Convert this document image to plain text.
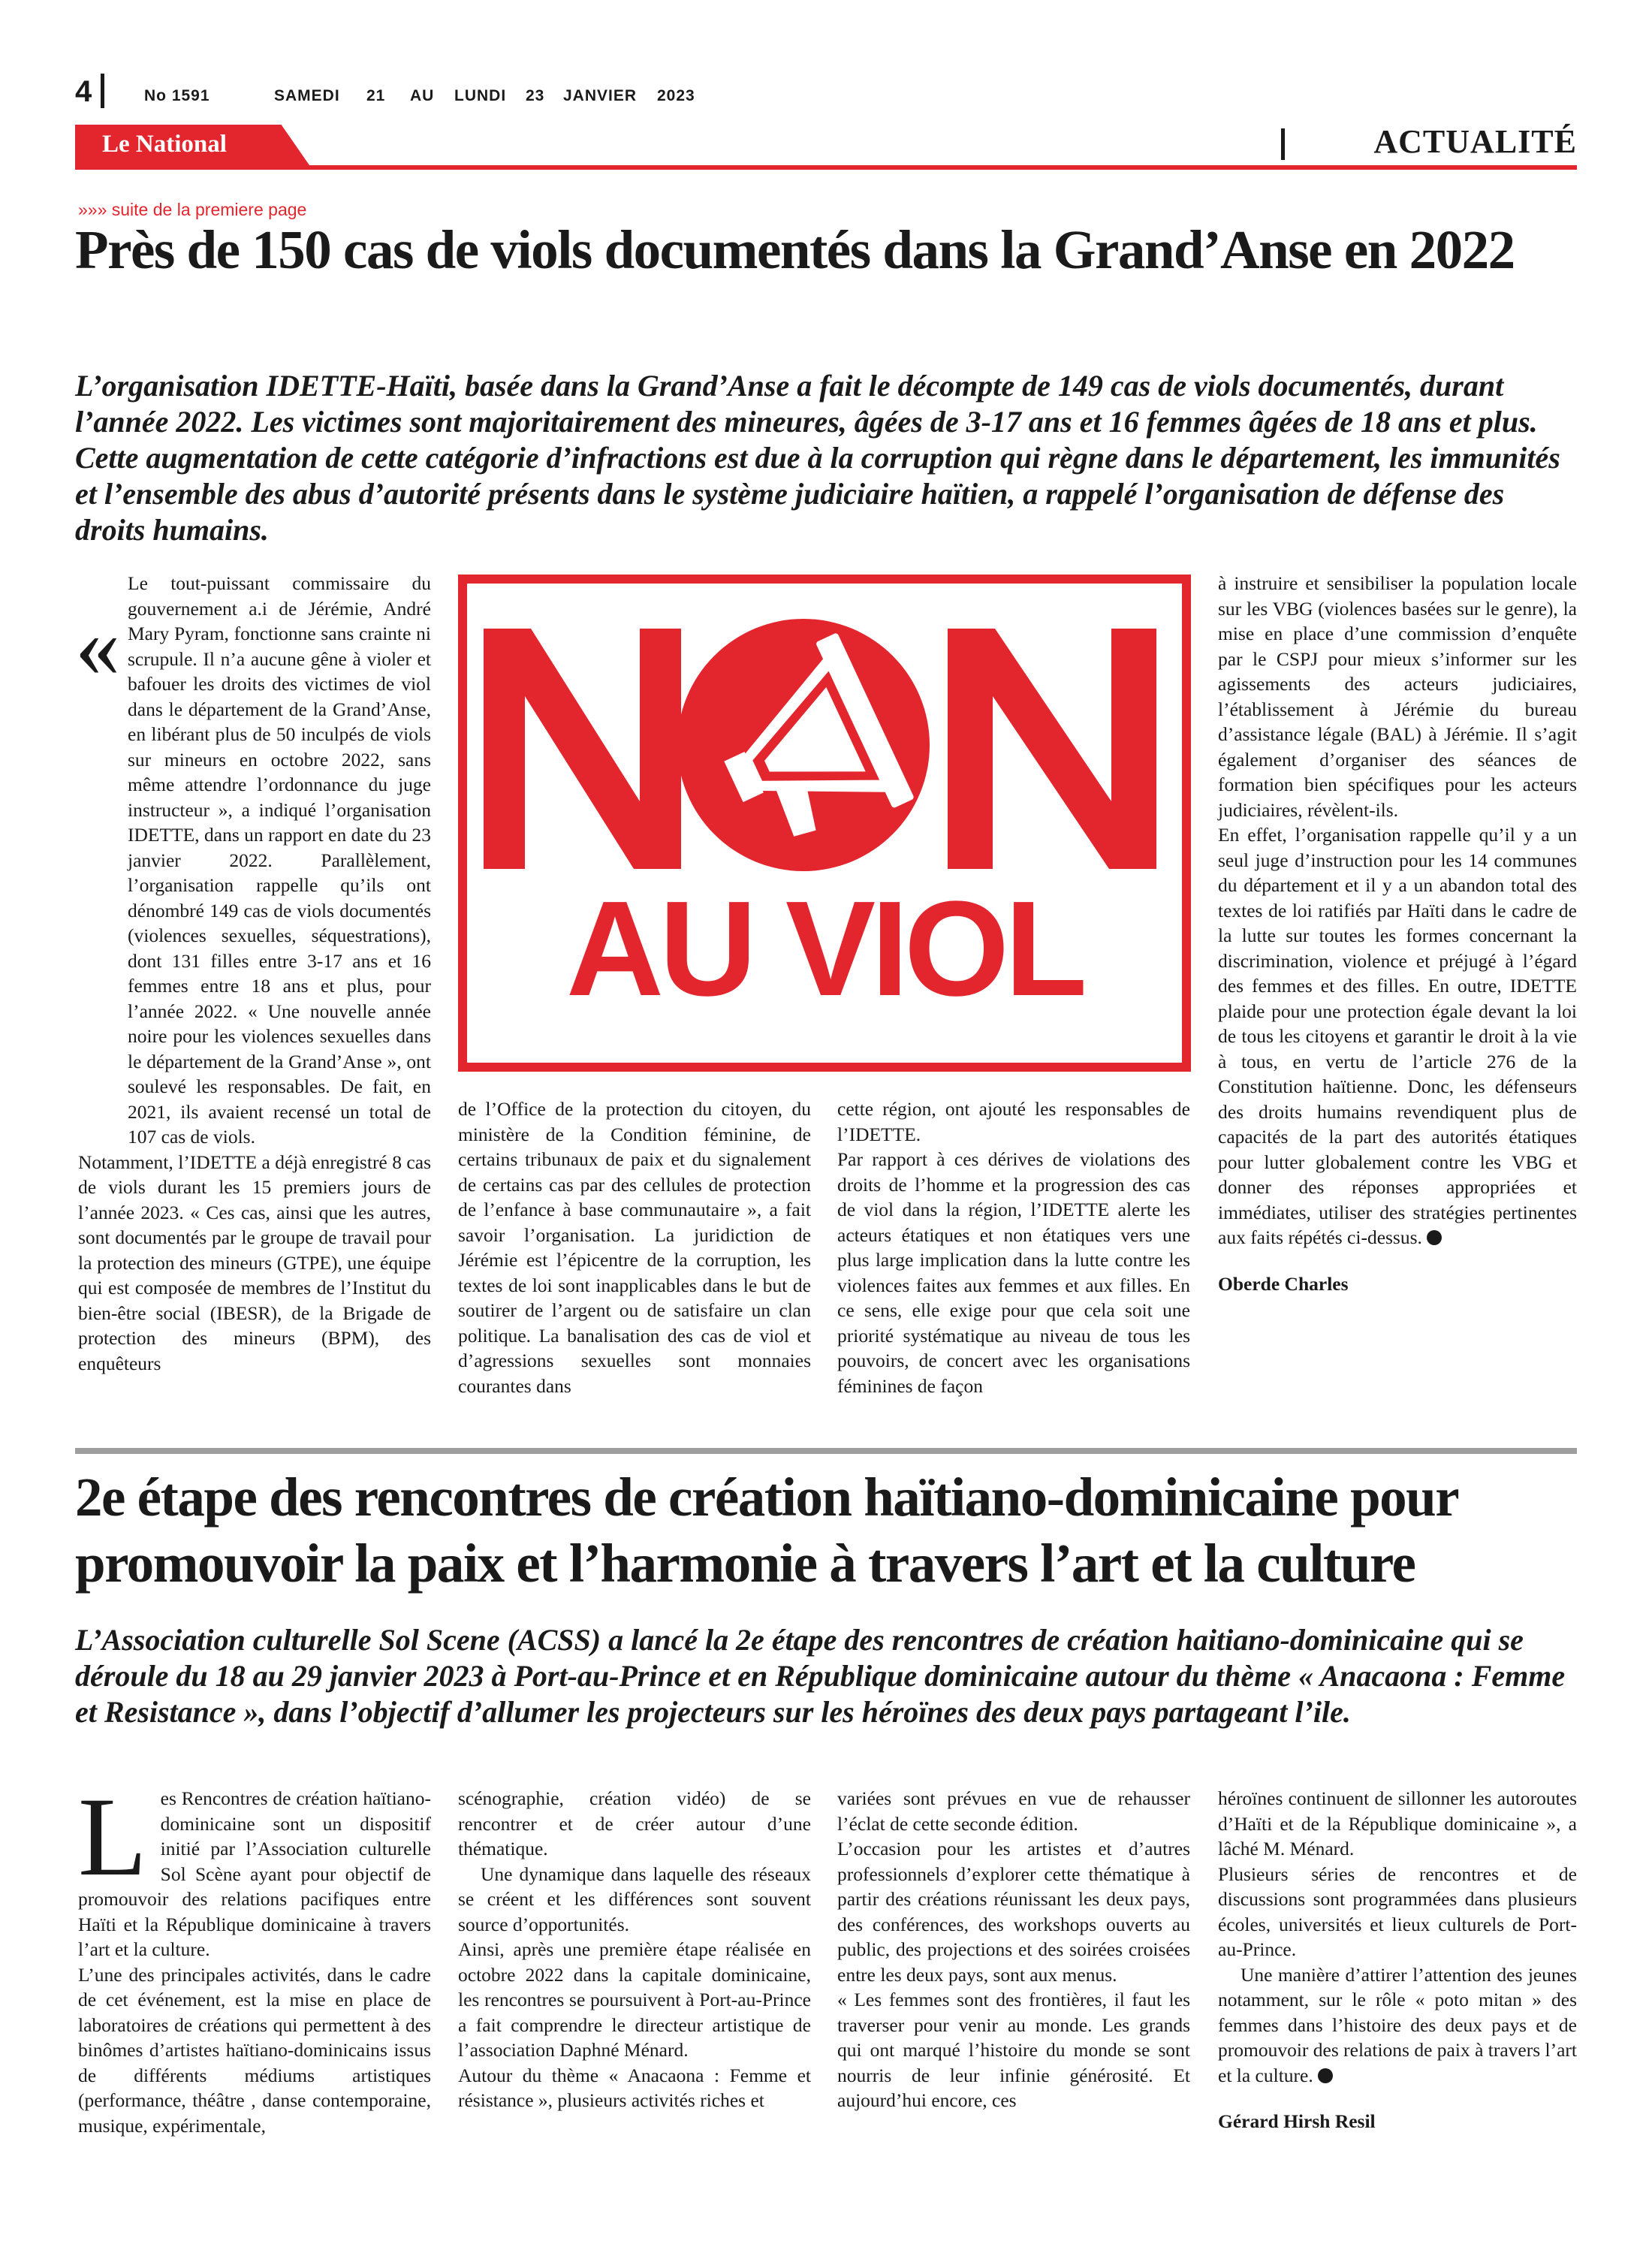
4	No 1591	SAMEDI 21 AU LUNDI 23 JANVIER 2023
Le National	ACTUALITÉ
»»» suite de la premiere page
Près de 150 cas de viols documentés dans la Grand’Anse en 2022
L’organisation IDETTE-Haïti, basée dans la Grand’Anse a fait le décompte de 149 cas de viols documentés, durant l’année 2022. Les victimes sont majoritairement des mineures, âgées de 3-17 ans et 16 femmes âgées de 18 ans et plus. Cette augmentation de cette catégorie d’infractions est due à la corruption qui règne dans le département, les immunités et l’ensemble des abus d’autorité présents dans le système judiciaire haïtien, a rappelé l’organisation de défense des droits humains.
«

Le tout-puissant commissaire du gouvernement a.i de Jérémie, André Mary Pyram, fonctionne sans crainte ni scrupule. Il n’a aucune gêne à violer et bafouer les droits des victimes de viol dans le département de la Grand’Anse, en libérant plus de 50 inculpés de viols sur mineurs en octobre 2022, sans même attendre l’ordonnance du juge instructeur », a indiqué l’organisation IDETTE, dans un rapport en date du 23 janvier 2022. Parallèlement, l’organisation rappelle qu’ils ont dénombré 149 cas de viols documentés (violences sexuelles, séquestrations), dont 131 filles entre 3-17 ans et 16 femmes entre 18 ans et plus, pour l’année 2022. « Une nouvelle année noire pour les violences sexuelles dans le département de la Grand’Anse », ont soulevé les responsables. De fait, en 2021, ils avaient recensé un total de 107 cas de viols.

Notamment, l’IDETTE a déjà enregistré 8 cas de viols durant les 15 premiers jours de l’année 2023. « Ces cas, ainsi que les autres, sont documentés par le groupe de travail pour la protection des mineurs (GTPE), une équipe qui est composée de membres de l’Institut du bien-être social (IBESR), de la Brigade de protection des mineurs (BPM), des enquêteurs

AU VIOL

de l’Office de la protection du citoyen, du ministère de la Condition féminine, de certains tribunaux de paix et du signalement de certains cas par des cellules de protection de l’enfance à base communautaire », a fait savoir l’organisation. La juridiction de Jérémie est l’épicentre de la corruption, les textes de loi sont inapplicables dans le but de soutirer de l’argent ou de satisfaire un clan politique. La banalisation des cas de viol et d’agressions sexuelles sont monnaies courantes dans

cette région, ont ajouté les responsables de l’IDETTE.

Par rapport à ces dérives de violations des droits de l’homme et la progression des cas de viol dans la région, l’IDETTE alerte les acteurs étatiques et non étatiques vers une plus large implication dans la lutte contre les violences faites aux femmes et aux filles. En ce sens, elle exige pour que cela soit une priorité systématique au niveau de tous les pouvoirs, de concert avec les organisations féminines de façon

à instruire et sensibiliser la population locale sur les VBG (violences basées sur le genre), la mise en place d’une commission d’enquête par le CSPJ pour mieux s’informer sur les agissements des acteurs judiciaires, l’établissement à Jérémie du bureau d’assistance légale (BAL) à Jérémie. Il s’agit également d’organiser des séances de formation bien spécifiques pour les acteurs judiciaires, révèlent-ils.

En effet, l’organisation rappelle qu’il y a un seul juge d’instruction pour les 14 communes du département et il y a un abandon total des textes de loi ratifiés par Haïti dans le cadre de la lutte sur toutes les formes concernant la discrimination, violence et préjugé à l’égard des femmes et des filles. En outre, IDETTE plaide pour une protection égale devant la loi de tous les citoyens et garantir le droit à la vie à tous, en vertu de l’article 276 de la Constitution haïtienne. Donc, les défenseurs des droits humains revendiquent plus de capacités de la part des autorités étatiques pour lutter globalement contre les VBG et donner des réponses appropriées et immédiates, utiliser des stratégies pertinentes aux faits répétés ci-dessus.

Oberde Charles

2e étape des rencontres de création haïtiano-dominicaine pour promouvoir la paix et l’harmonie à travers l’art et la culture
L’Association culturelle Sol Scene (ACSS) a lancé la 2e étape des rencontres de création haitiano-dominicaine qui se déroule du 18 au 29 janvier 2023 à Port-au-Prince et en République dominicaine autour du thème « Anacaona : Femme et Resistance », dans l’objectif d’allumer les projecteurs sur les héroïnes des deux pays partageant l’ile.

Les Rencontres de création haïtiano-dominicaine sont un dispositif initié par l’Association culturelle Sol Scène ayant pour objectif de promouvoir des relations pacifiques entre Haïti et la République dominicaine à travers l’art et la culture.

L’une des principales activités, dans le cadre de cet événement, est la mise en place de laboratoires de créations qui permettent à des binômes d’artistes haïtiano-dominicains issus de différents médiums artistiques (performance, théâtre , danse contemporaine, musique, expérimentale,

scénographie, création vidéo) de se rencontrer et de créer autour d’une thématique.

Une dynamique dans laquelle des réseaux se créent et les différences sont souvent source d’opportunités.

Ainsi, après une première étape réalisée en octobre 2022 dans la capitale dominicaine, les rencontres se poursuivent à Port-au-Prince a fait comprendre le directeur artistique de l’association Daphné Ménard.

Autour du thème « Anacaona : Femme et résistance », plusieurs activités riches et

variées sont prévues en vue de rehausser l’éclat de cette seconde édition.

L’occasion pour les artistes et d’autres professionnels d’explorer cette thématique à partir des créations réunissant les deux pays, des conférences, des workshops ouverts au public, des projections et des soirées croisées entre les deux pays, sont aux menus.

« Les femmes sont des frontières, il faut les traverser pour venir au monde. Les grands qui ont marqué l’histoire du monde se sont nourris de leur infinie générosité. Et aujourd’hui encore, ces

héroïnes continuent de sillonner les autoroutes d’Haïti et de la République dominicaine », a lâché M. Ménard.

Plusieurs séries de rencontres et de discussions sont programmées dans plusieurs écoles, universités et lieux culturels de Port-au-Prince.

Une manière d’attirer l’attention des jeunes notamment, sur le rôle « poto mitan » des femmes dans l’histoire des deux pays et de promouvoir des relations de paix à travers l’art et la culture.

Gérard Hirsh Resil
